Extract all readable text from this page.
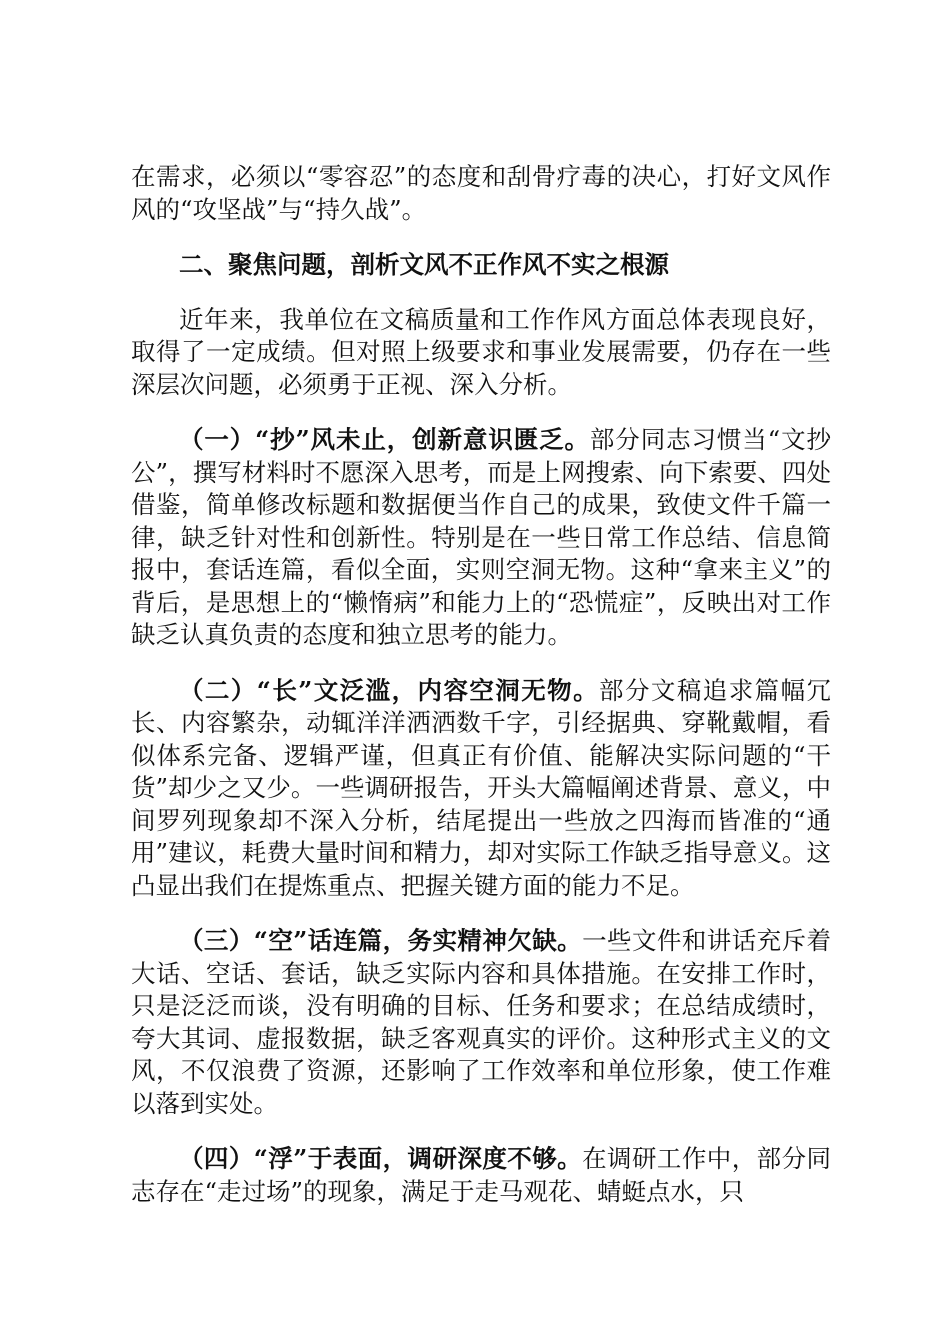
在需求，必须以“零容忍”的态度和刮骨疗毒的决心，打好文风作风的“攻坚战”与“持久战”。

二、聚焦问题，剖析文风不正作风不实之根源

近年来，我单位在文稿质量和工作作风方面总体表现良好，取得了一定成绩。但对照上级要求和事业发展需要，仍存在一些深层次问题，必须勇于正视、深入分析。

（一）“抄”风未止，创新意识匮乏。部分同志习惯当“文抄公”，撰写材料时不愿深入思考，而是上网搜索、向下索要、四处借鉴，简单修改标题和数据便当作自己的成果，致使文件千篇一律，缺乏针对性和创新性。特别是在一些日常工作总结、信息简报中，套话连篇，看似全面，实则空洞无物。这种“拿来主义”的背后，是思想上的“懒惰病”和能力上的“恐慌症”，反映出对工作缺乏认真负责的态度和独立思考的能力。

（二）“长”文泛滥，内容空洞无物。部分文稿追求篇幅冗长、内容繁杂，动辄洋洋洒洒数千字，引经据典、穿靴戴帽，看似体系完备、逻辑严谨，但真正有价值、能解决实际问题的“干货”却少之又少。一些调研报告，开头大篇幅阐述背景、意义，中间罗列现象却不深入分析，结尾提出一些放之四海而皆准的“通用”建议，耗费大量时间和精力，却对实际工作缺乏指导意义。这凸显出我们在提炼重点、把握关键方面的能力不足。

（三）“空”话连篇，务实精神欠缺。一些文件和讲话充斥着大话、空话、套话，缺乏实际内容和具体措施。在安排工作时，只是泛泛而谈，没有明确的目标、任务和要求；在总结成绩时，夸大其词、虚报数据，缺乏客观真实的评价。这种形式主义的文风，不仅浪费了资源，还影响了工作效率和单位形象，使工作难以落到实处。

（四）“浮”于表面，调研深度不够。在调研工作中，部分同志存在“走过场”的现象，满足于走马观花、蜻蜓点水，只
